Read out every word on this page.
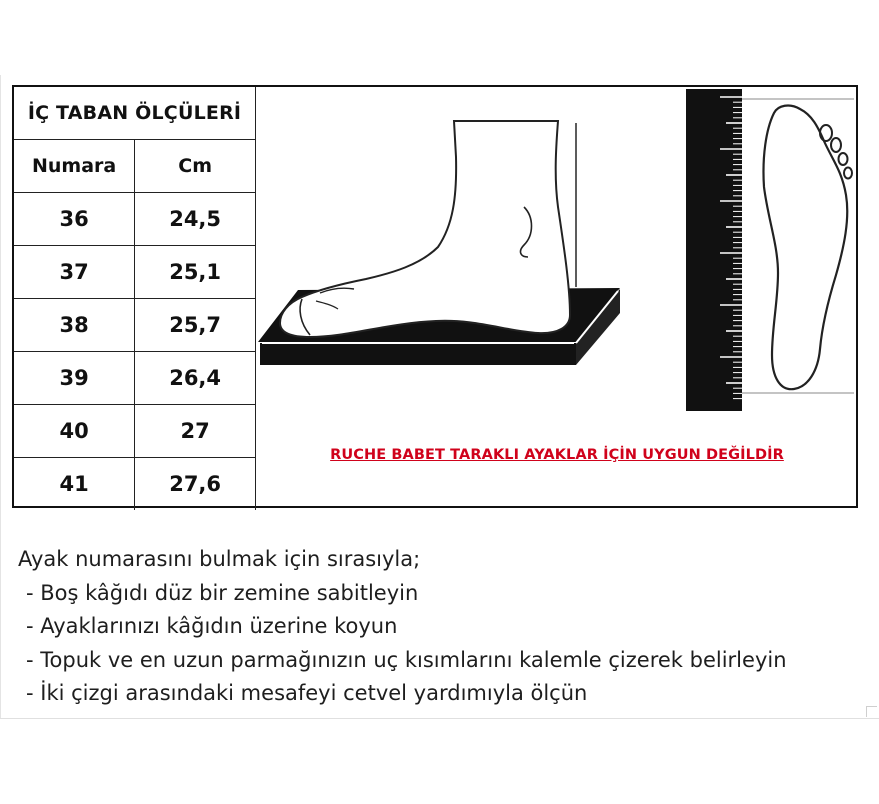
İÇ TABAN ÖLÇÜLERİ	
Numara	Cm
36	24,5
37	25,1
38	25,7
39	26,4
40	27
41	27,6
RUCHE BABET TARAKLI AYAKLAR İÇİN UYGUN DEĞİLDİR
Ayak numarasını bulmak için sırasıyla;
- Boş kâğıdı düz bir zemine sabitleyin
- Ayaklarınızı kâğıdın üzerine koyun
- Topuk ve en uzun parmağınızın uç kısımlarını kalemle çizerek belirleyin
- İki çizgi arasındaki mesafeyi cetvel yardımıyla ölçün
